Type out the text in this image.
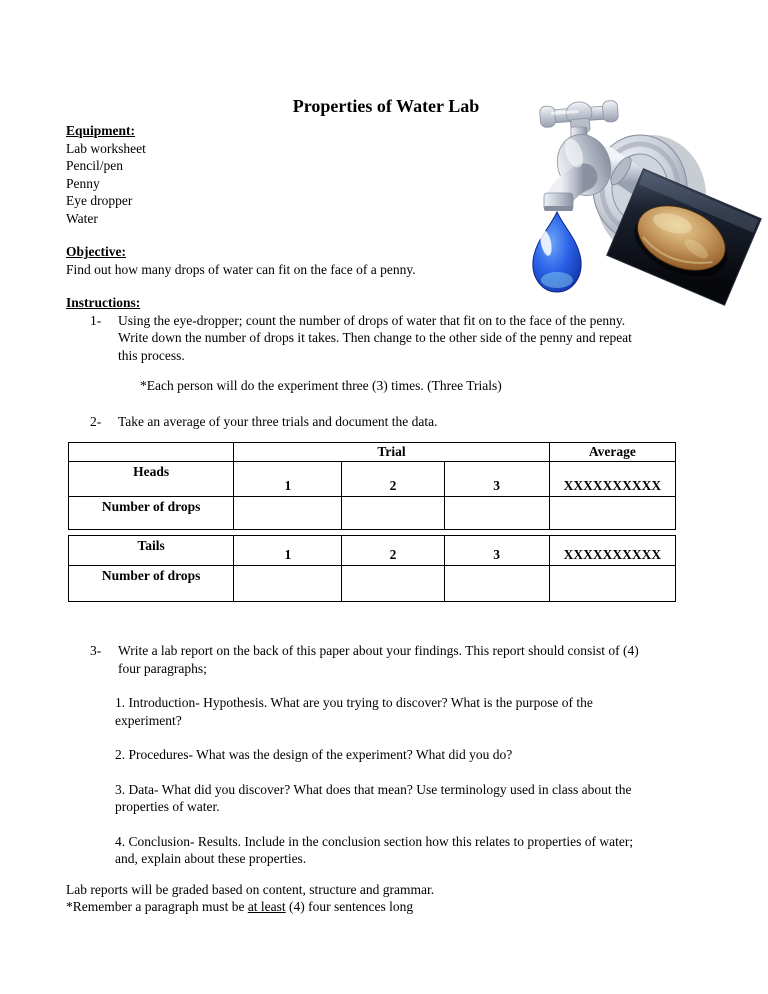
Properties of Water Lab
Equipment:
Lab worksheet
Pencil/pen
Penny
Eye dropper
Water
Objective:
Find out how many drops of water can fit on the face of a penny.
Instructions:
1-	Using the eye-dropper; count the number of drops of water that fit on to the face of the penny.
Write down the number of drops it takes. Then change to the other side of the penny and repeat
this process.
*Each person will do the experiment three (3) times. (Three Trials)
2-	Take an average of your three trials and document the data.
	Trial			Average
Heads	1	2	3	XXXXXXXXXX
Number of drops				
Tails	1	2	3	XXXXXXXXXX
Number of drops				
3-	Write a lab report on the back of this paper about your findings. This report should consist of (4)
four paragraphs;
1. Introduction- Hypothesis. What are you trying to discover? What is the purpose of the
experiment?
2. Procedures- What was the design of the experiment? What did you do?
3. Data- What did you discover? What does that mean? Use terminology used in class about the
properties of water.
4. Conclusion- Results. Include in the conclusion section how this relates to properties of water;
and, explain about these properties.
Lab reports will be graded based on content, structure and grammar.
*Remember a paragraph must be at least (4) four sentences long
